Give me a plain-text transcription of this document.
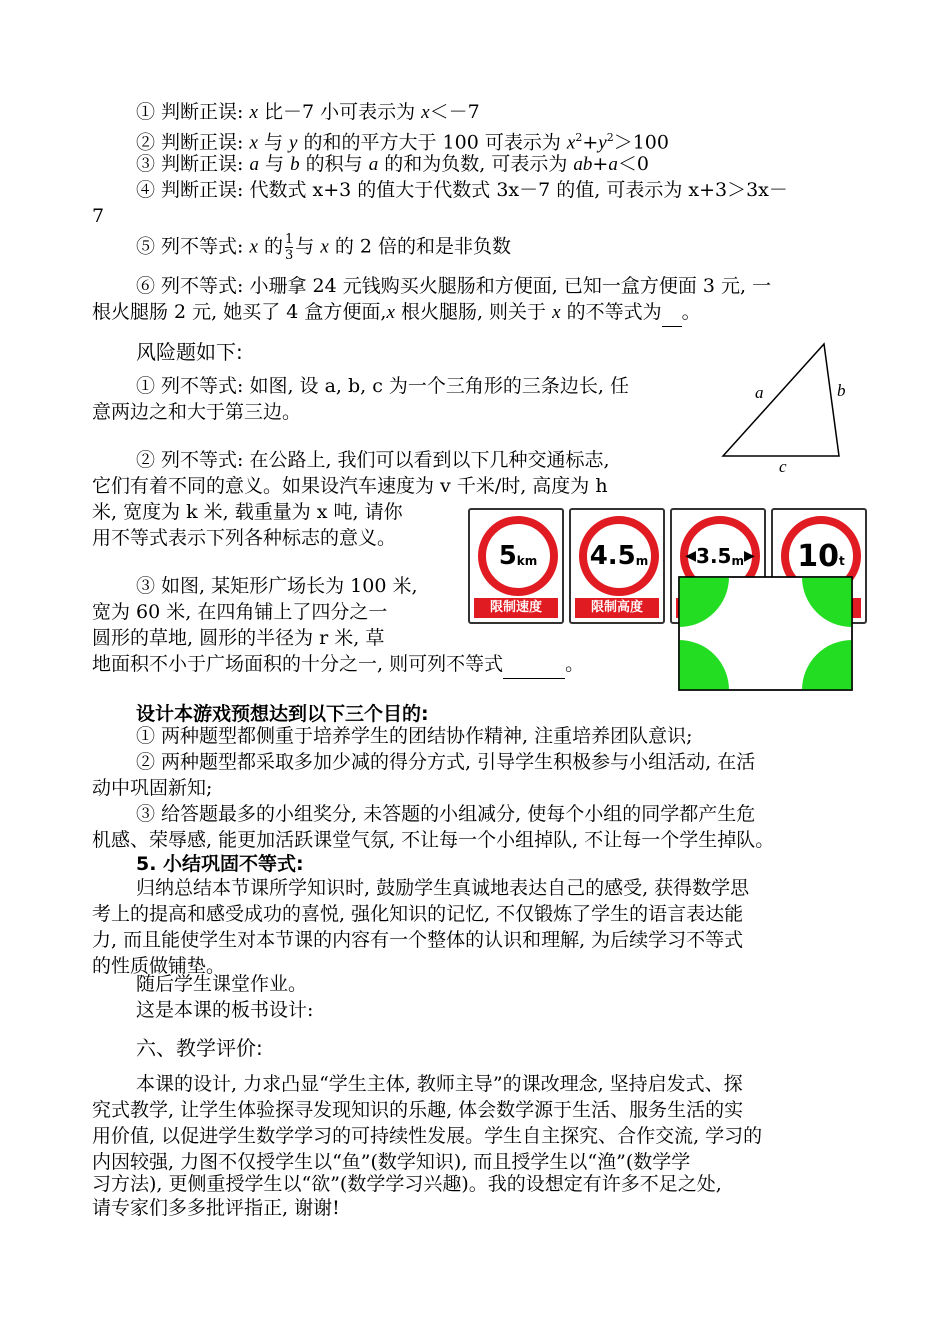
① 判断正误: x 比－7 小可表示为 x＜－7
② 判断正误: x 与 y 的和的平方大于 100 可表示为 $x^2+y^2>100$
③ 判断正误: a 与 b 的积与 a 的和为负数, 可表示为 ab+a＜0
④ 判断正误: 代数式 x+3 的值大于代数式 3x－7 的值, 可表示为 x+3＞3x－
7
⑤ 列不等式: x 的 $\frac{1}{3}$ 与 x 的 2 倍的和是非负数
⑥ 列不等式: 小珊拿 24 元钱购买火腿肠和方便面, 已知一盒方便面 3 元, 一
根火腿肠 2 元, 她买了 4 盒方便面,x 根火腿肠, 则关于 x 的不等式为 。
风险题如下:
① 列不等式: 如图, 设 a, b, c 为一个三角形的三条边长, 任
意两边之和大于第三边。
② 列不等式: 在公路上, 我们可以看到以下几种交通标志,
它们有着不同的意义。如果设汽车速度为 v 千米/时, 高度为 h
米, 宽度为 k 米, 载重量为 x 吨, 请你
用不等式表示下列各种标志的意义。
③ 如图, 某矩形广场长为 100 米,
宽为 60 米, 在四角铺上了四分之一
圆形的草地, 圆形的半径为 r 米, 草
地面积不小于广场面积的十分之一, 则可列不等式	。
a	b
c
5 km
限制速度
4.5 m
限制高度
◀ 3.5 m ▶ 10 t
设计本游戏预想达到以下三个目的:
① 两种题型都侧重于培养学生的团结协作精神, 注重培养团队意识;
② 两种题型都采取多加少减的得分方式, 引导学生积极参与小组活动, 在活
动中巩固新知;
③ 给答题最多的小组奖分, 未答题的小组减分, 使每个小组的同学都产生危
机感、荣辱感, 能更加活跃课堂气氛, 不让每一个小组掉队, 不让每一个学生掉队。
5. 小结巩固不等式:
归纳总结本节课所学知识时, 鼓励学生真诚地表达自己的感受, 获得数学思
考上的提高和感受成功的喜悦, 强化知识的记忆, 不仅锻炼了学生的语言表达能
力, 而且能使学生对本节课的内容有一个整体的认识和理解, 为后续学习不等式
的性质做铺垫。
随后学生课堂作业。
这是本课的板书设计:
六、教学评价:
本课的设计, 力求凸显“学生主体, 教师主导”的课改理念, 坚持启发式、探
究式教学, 让学生体验探寻发现知识的乐趣, 体会数学源于生活、服务生活的实
用价值, 以促进学生数学学习的可持续性发展。学生自主探究、合作交流, 学习的
内因较强, 力图不仅授学生以“鱼”(数学知识), 而且授学生以“渔”(数学学
习方法), 更侧重授学生以“欲”(数学学习兴趣)。我的设想定有许多不足之处,
请专家们多多批评指正, 谢谢!
